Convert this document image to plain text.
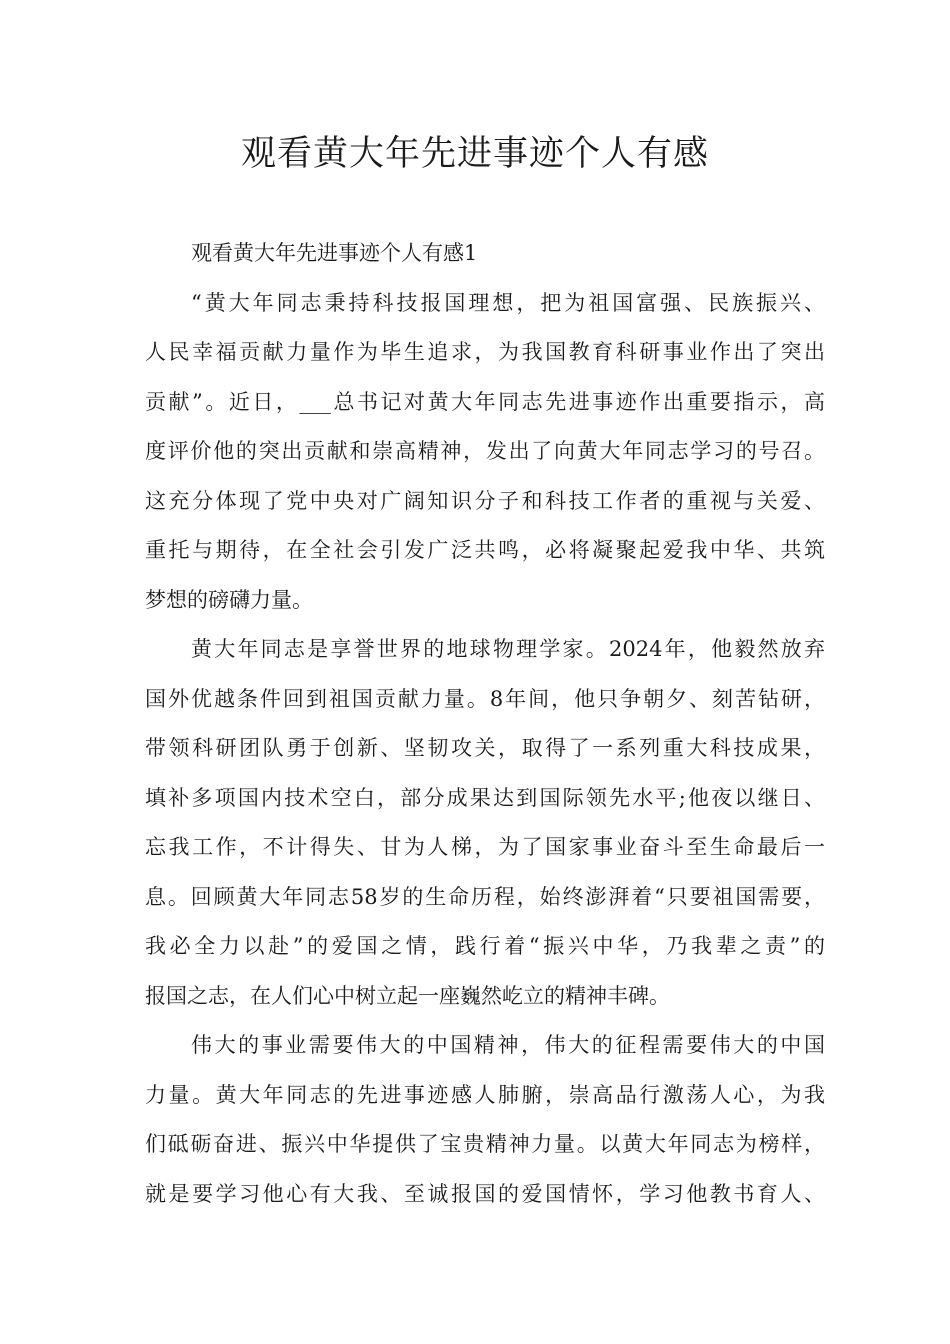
观看黄大年先进事迹个人有感
观看黄大年先进事迹个人有感1
“黄大年同志秉持科技报国理想，把为祖国富强、民族振兴、
人民幸福贡献力量作为毕生追求，为我国教育科研事业作出了突出
贡献”。近日，___总书记对黄大年同志先进事迹作出重要指示，高
度评价他的突出贡献和崇高精神，发出了向黄大年同志学习的号召。
这充分体现了党中央对广阔知识分子和科技工作者的重视与关爱、
重托与期待，在全社会引发广泛共鸣，必将凝聚起爱我中华、共筑
梦想的磅礴力量。
黄大年同志是享誉世界的地球物理学家。2024年，他毅然放弃
国外优越条件回到祖国贡献力量。8年间，他只争朝夕、刻苦钻研，
带领科研团队勇于创新、坚韧攻关，取得了一系列重大科技成果，
填补多项国内技术空白，部分成果达到国际领先水平;他夜以继日、
忘我工作，不计得失、甘为人梯，为了国家事业奋斗至生命最后一
息。回顾黄大年同志58岁的生命历程，始终澎湃着“只要祖国需要，
我必全力以赴”的爱国之情，践行着“振兴中华，乃我辈之责”的
报国之志，在人们心中树立起一座巍然屹立的精神丰碑。
伟大的事业需要伟大的中国精神，伟大的征程需要伟大的中国
力量。黄大年同志的先进事迹感人肺腑，崇高品行激荡人心，为我
们砥砺奋进、振兴中华提供了宝贵精神力量。以黄大年同志为榜样，
就是要学习他心有大我、至诚报国的爱国情怀，学习他教书育人、
